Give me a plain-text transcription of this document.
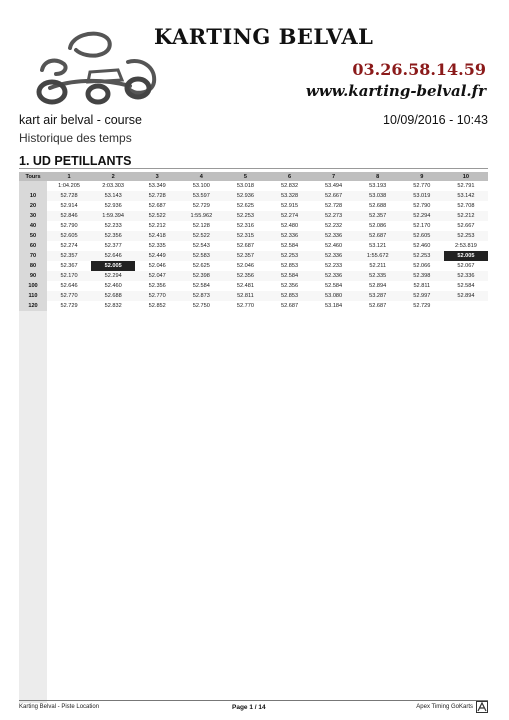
KARTING BELVAL
03.26.58.14.59
www.karting-belval.fr
kart air belval - course	10/09/2016 - 10:43
Historique des temps
1. UD PETILLANTS
Tours	1	2	3	4	5	6	7	8	9	10
	1:04.205	2:03.303	53.349	53.100	53.018	52.832	53.494	53.193	52.770	52.791
10	52.728	53.143	52.728	53.597	52.936	53.328	52.667	53.038	53.019	53.142
20	52.914	52.936	52.687	52.729	52.625	52.915	52.728	52.688	52.790	52.708
30	52.846	1:59.394	52.522	1:55.962	52.253	52.274	52.273	52.357	52.294	52.212
40	52.790	52.233	52.212	52.128	52.316	52.480	52.232	52.086	52.170	52.667
50	52.605	52.356	52.418	52.522	52.315	52.336	52.336	52.687	52.605	52.253
60	52.274	52.377	52.335	52.543	52.687	52.584	52.460	53.121	52.460	2:53.819
70	52.357	52.646	52.449	52.583	52.357	52.253	52.336	1:55.672	52.253	52.005
80	52.367	52.005	52.046	52.625	52.046	52.853	52.233	52.211	52.066	52.067
90	52.170	52.294	52.047	52.398	52.356	52.584	52.336	52.335	52.398	52.336
100	52.646	52.460	52.356	52.584	52.481	52.356	52.584	52.894	52.811	52.584
110	52.770	52.688	52.770	52.873	52.811	52.853	53.080	53.287	52.997	52.894
120	52.729	52.832	52.852	52.750	52.770	52.687	53.184	52.687	52.729	
Karting Belval - Piste Location	Page 1 / 14	Apex Timing GoKarts
